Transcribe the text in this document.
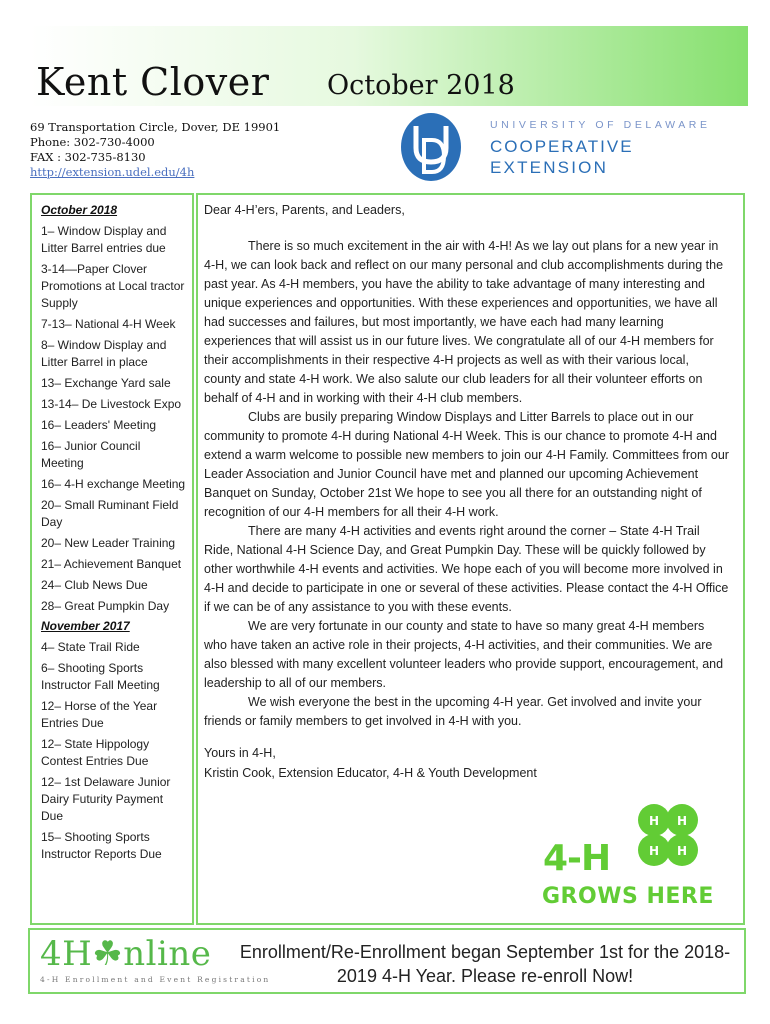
Kent Clover October 2018
69 Transportation Circle, Dover, DE 19901
Phone: 302-730-4000
FAX : 302-735-8130
http://extension.udel.edu/4h
UNIVERSITY OF DELAWARE
COOPERATIVE
EXTENSION
October 2018
1– Window Display and Litter Barrel entries due
3-14—Paper Clover Promotions at Local tractor Supply
7-13– National 4-H Week
8– Window Display and Litter Barrel in place
13– Exchange Yard sale
13-14– De Livestock Expo
16– Leaders' Meeting
16– Junior Council Meeting
16– 4-H exchange Meeting
20– Small Ruminant Field Day
20– New Leader Training
21– Achievement Banquet
24– Club News Due
28– Great Pumpkin Day
November 2017
4– State Trail Ride
6– Shooting Sports Instructor Fall Meeting
12– Horse of the Year Entries Due
12– State Hippology Contest Entries Due
12– 1st Delaware Junior Dairy Futurity Payment Due
15– Shooting Sports Instructor Reports Due
Dear 4-H’ers, Parents, and Leaders,
There is so much excitement in the air with 4-H! As we lay out plans for a new year in 4-H, we can look back and reflect on our many personal and club accomplishments during the past year. As 4-H members, you have the ability to take advantage of many interesting and unique experiences and opportunities. With these experiences and opportunities, we have all had successes and failures, but most importantly, we have each had many learning experiences that will assist us in our future lives. We congratulate all of our 4-H members for their accomplishments in their respective 4-H projects as well as with their various local, county and state 4-H work. We also salute our club leaders for all their volunteer efforts on behalf of 4-H and in working with their 4-H club members.
Clubs are busily preparing Window Displays and Litter Barrels to place out in our community to promote 4-H during National 4-H Week. This is our chance to promote 4-H and extend a warm welcome to possible new members to join our 4-H Family. Committees from our Leader Association and Junior Council have met and planned our upcoming Achievement Banquet on Sunday, October 21st We hope to see you all there for an outstanding night of recognition of our 4-H members for all their 4-H work.
There are many 4-H activities and events right around the corner – State 4-H Trail Ride, National 4-H Science Day, and Great Pumpkin Day. These will be quickly followed by other worthwhile 4-H events and activities. We hope each of you will become more involved in 4-H and decide to participate in one or several of these activities. Please contact the 4-H Office if we can be of any assistance to you with these events.
We are very fortunate in our county and state to have so many great 4-H members who have taken an active role in their projects, 4-H activities, and their communities. We are also blessed with many excellent volunteer leaders who provide support, encouragement, and leadership to all of our members.
We wish everyone the best in the upcoming 4-H year. Get involved and invite your friends or family members to get involved in 4-H with you.
Yours in 4-H,
Kristin Cook, Extension Educator, 4-H & Youth Development
H H
H H
4-H
GROWS HERE
4H☘nline
4-H Enrollment and Event Registration
Enrollment/Re-Enrollment began September 1st for the 2018-2019 4-H Year. Please re-enroll Now!
